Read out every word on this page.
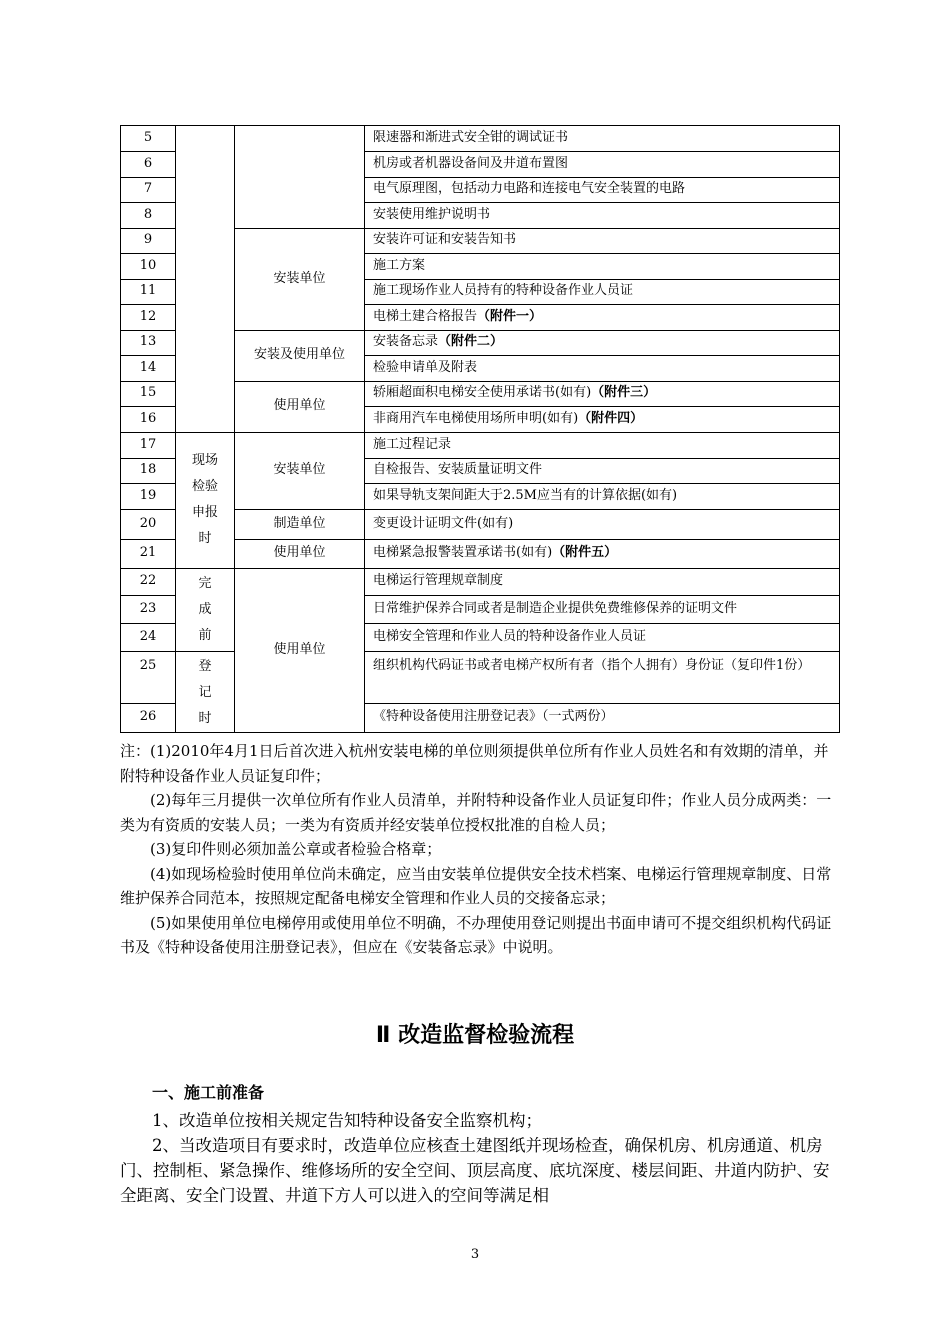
5			限速器和渐进式安全钳的调试证书
6			机房或者机器设备间及井道布置图
7			电气原理图，包括动力电路和连接电气安全装置的电路
8			安装使用维护说明书
9		安装单位	安装许可证和安装告知书
10			施工方案
11			施工现场作业人员持有的特种设备作业人员证
12			电梯土建合格报告（附件一）
13		安装及使用单位	安装备忘录（附件二）
14			检验申请单及附表
15		使用单位	轿厢超面积电梯安全使用承诺书(如有)（附件三）
16			非商用汽车电梯使用场所申明(如有)（附件四）
17	现场
检验
申报
时	安装单位	施工过程记录
18			自检报告、安装质量证明文件
19			如果导轨支架间距大于2.5M应当有的计算依据(如有)
20		制造单位	变更设计证明文件(如有)
21		使用单位	电梯紧急报警装置承诺书(如有)（附件五）
22	完
成
前	使用单位	电梯运行管理规章制度
23			日常维护保养合同或者是制造企业提供免费维修保养的证明文件
24			电梯安全管理和作业人员的特种设备作业人员证
25	登
记
时		组织机构代码证书或者电梯产权所有者（指个人拥有）身份证（复印件1份）
26			《特种设备使用注册登记表》（一式两份）

注：(1)2010年4月1日后首次进入杭州安装电梯的单位则须提供单位所有作业人员姓名和有效期的清单，并附特种设备作业人员证复印件；

(2)每年三月提供一次单位所有作业人员清单，并附特种设备作业人员证复印件；作业人员分成两类：一类为有资质的安装人员；一类为有资质并经安装单位授权批准的自检人员；

(3)复印件则必须加盖公章或者检验合格章；

(4)如现场检验时使用单位尚未确定，应当由安装单位提供安全技术档案、电梯运行管理规章制度、日常维护保养合同范本，按照规定配备电梯安全管理和作业人员的交接备忘录；

(5)如果使用单位电梯停用或使用单位不明确，不办理使用登记则提出书面申请可不提交组织机构代码证书及《特种设备使用注册登记表》，但应在《安装备忘录》中说明。

Ⅱ 改造监督检验流程
一、施工前准备

1、改造单位按相关规定告知特种设备安全监察机构；

2、当改造项目有要求时，改造单位应核查土建图纸并现场检查，确保机房、机房通道、机房门、控制柜、紧急操作、维修场所的安全空间、顶层高度、底坑深度、楼层间距、井道内防护、安全距离、安全门设置、井道下方人可以进入的空间等满足相

3
